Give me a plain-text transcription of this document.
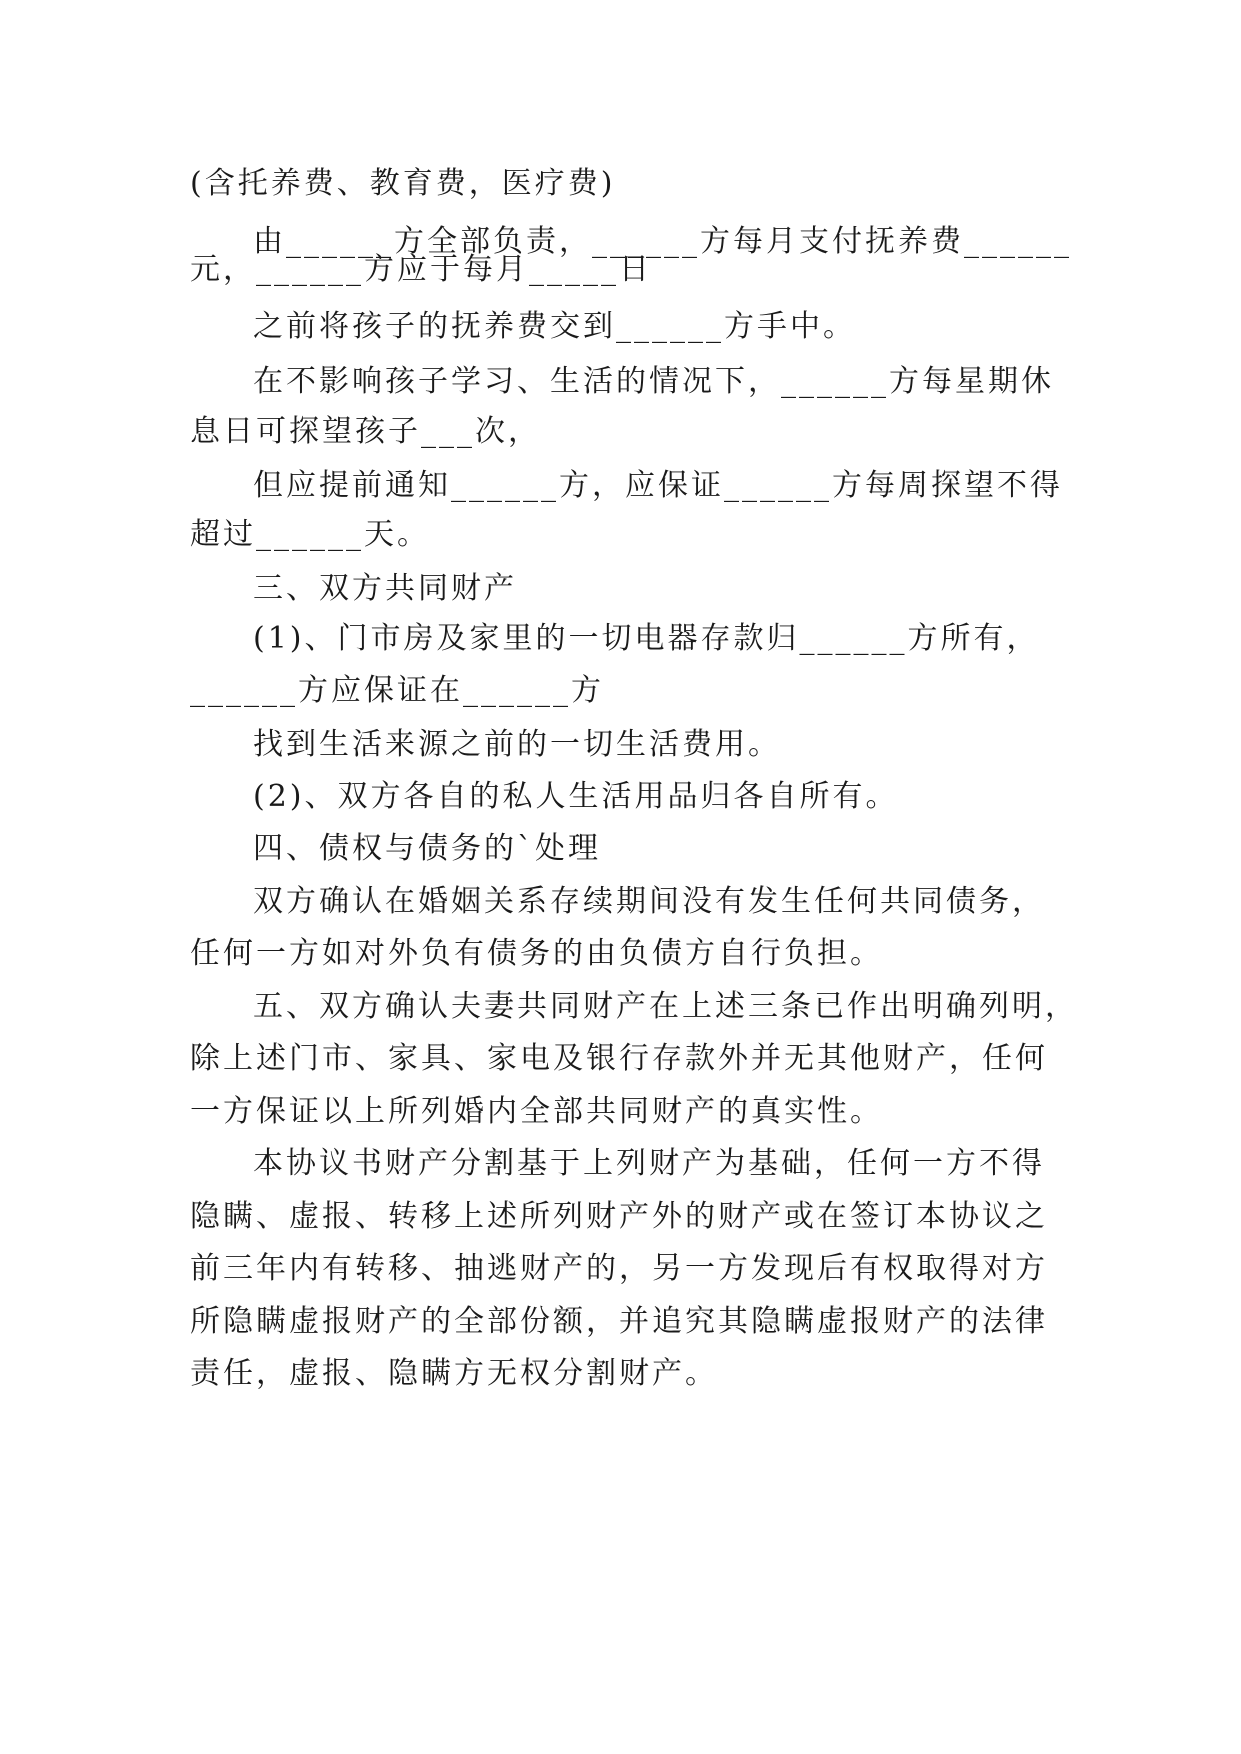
(含托养费、教育费，医疗费)

由______方全部负责，______方每月支付抚养费______

元，______方应于每月_____日

之前将孩子的抚养费交到______方手中。

在不影响孩子学习、生活的情况下，______方每星期休

息日可探望孩子___次，

但应提前通知______方，应保证______方每周探望不得

超过______天。

三、双方共同财产

(1)、门市房及家里的一切电器存款归______方所有，

______方应保证在______方

找到生活来源之前的一切生活费用。

(2)、双方各自的私人生活用品归各自所有。

四、债权与债务的`处理

双方确认在婚姻关系存续期间没有发生任何共同债务，

任何一方如对外负有债务的由负债方自行负担。

五、双方确认夫妻共同财产在上述三条已作出明确列明，

除上述门市、家具、家电及银行存款外并无其他财产，任何

一方保证以上所列婚内全部共同财产的真实性。

本协议书财产分割基于上列财产为基础，任何一方不得

隐瞒、虚报、转移上述所列财产外的财产或在签订本协议之

前三年内有转移、抽逃财产的，另一方发现后有权取得对方

所隐瞒虚报财产的全部份额，并追究其隐瞒虚报财产的法律

责任，虚报、隐瞒方无权分割财产。
